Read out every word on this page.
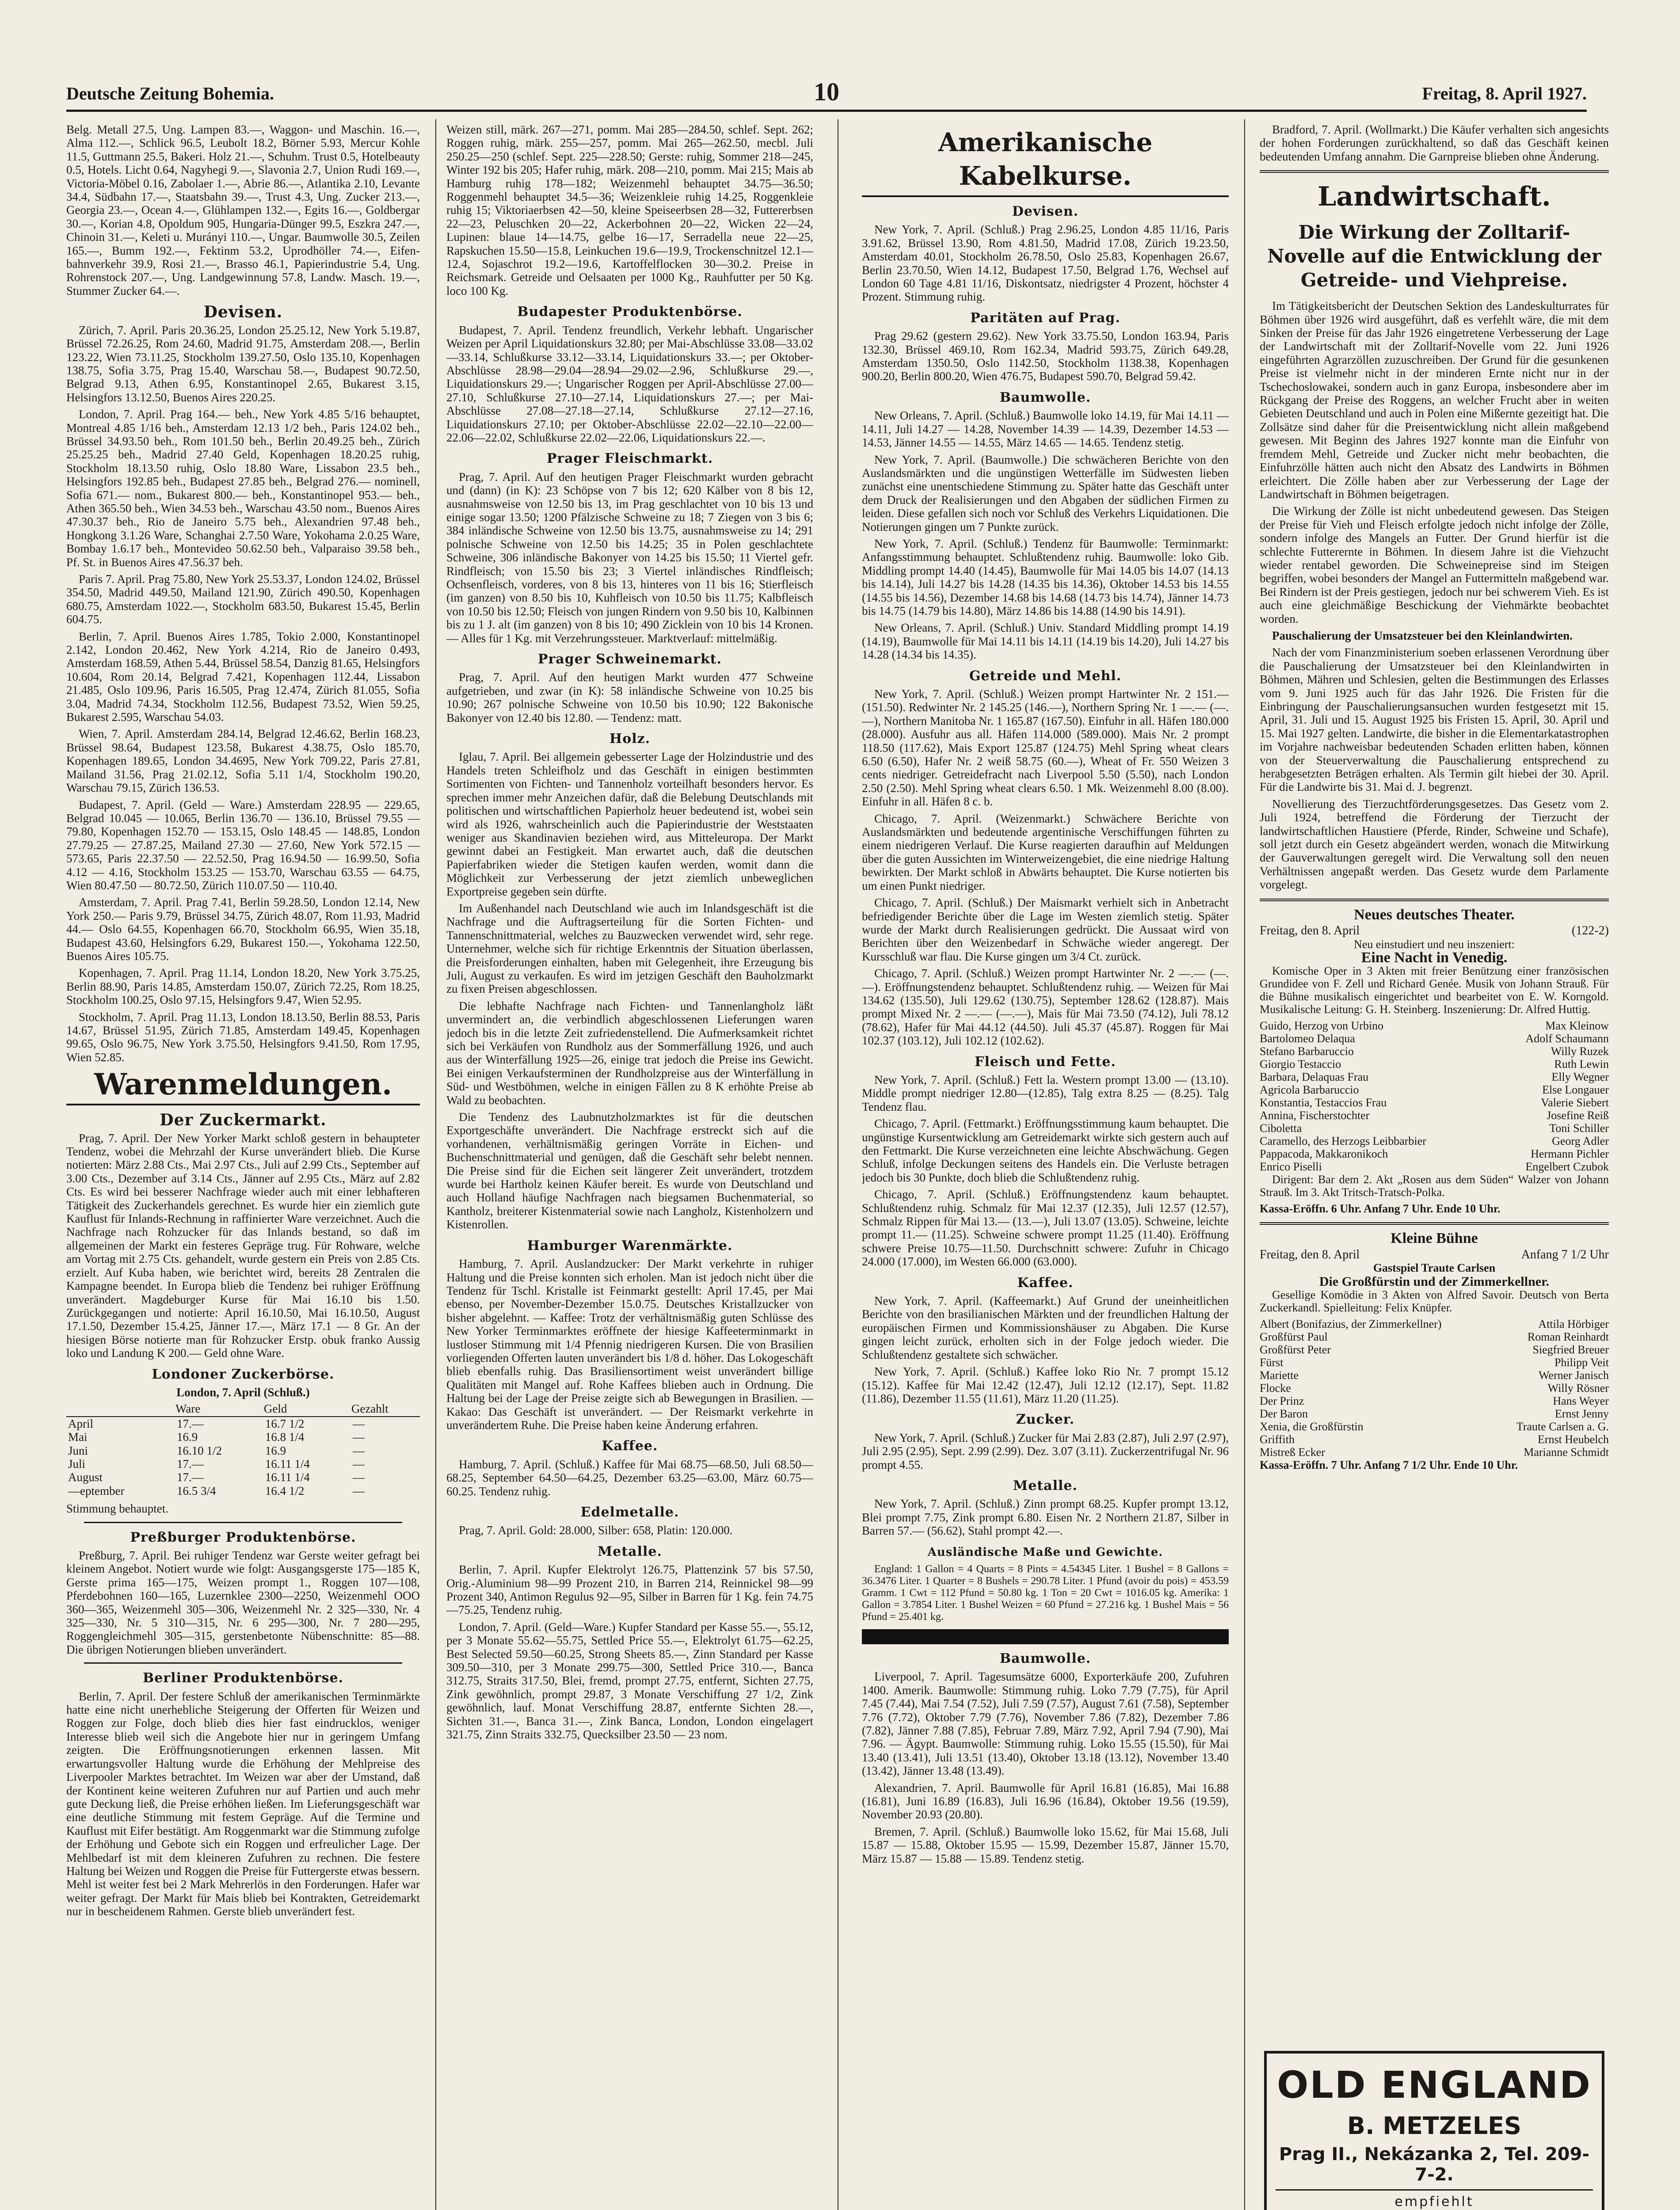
Deutsche Zeitung Bohemia.	10	Freitag, 8. April 1927.

Belg. Metall 27.5, Ung. Lampen 83.—, Waggon- und Maschin. 16.—, Alma 112.—, Schlick 96.5, Leubolt 18.2, Börner 5.93, Mercur Kohle 11.5, Guttmann 25.5, Bakeri. Holz 21.—, Schuhm. Trust 0.5, Hotelbeauty 0.5, Hotels. Licht 0.64, Nagyhegi 9.—, Slavonia 2.7, Union Rudi 169.—, Victoria-Möbel 0.16, Zabolaer 1.—, Abrie 86.—, Atlantika 2.10, Levante 34.4, Südbahn 17.—, Staatsbahn 39.—, Trust 4.3, Ung. Zucker 213.—, Georgia 23.—, Ocean 4.—, Glühlampen 132.—, Egits 16.—, Goldbergar 30.—, Korian 4.8, Opoldum 905, Hungaria-Dünger 99.5, Eszkra 247.—, Chinoin 31.—, Keleti u. Murányi 110.—, Ungar. Baumwolle 30.5, Zeilen 165.—, Bumm 192.—, Fektinm 53.2, Uprodhöller 74.—, Eifen-bahnverkehr 39.9, Rosi 21.—, Brasso 46.1, Papierindustrie 5.4, Ung. Rohrenstock 207.—, Ung. Landgewinnung 57.8, Landw. Masch. 19.—, Stummer Zucker 64.—.

Devisen.

Zürich, 7. April. Paris 20.36.25, London 25.25.12, New York 5.19.87, Brüssel 72.26.25, Rom 24.60, Madrid 91.75, Amsterdam 208.—, Berlin 123.22, Wien 73.11.25, Stockholm 139.27.50, Oslo 135.10, Kopenhagen 138.75, Sofia 3.75, Prag 15.40, Warschau 58.—, Budapest 90.72.50, Belgrad 9.13, Athen 6.95, Konstantinopel 2.65, Bukarest 3.15, Helsingfors 13.12.50, Buenos Aires 220.25.

London, 7. April. Prag 164.— beh., New York 4.85 5/16 behauptet, Montreal 4.85 1/16 beh., Amsterdam 12.13 1/2 beh., Paris 124.02 beh., Brüssel 34.93.50 beh., Rom 101.50 beh., Berlin 20.49.25 beh., Zürich 25.25.25 beh., Madrid 27.40 Geld, Kopenhagen 18.20.25 ruhig, Stockholm 18.13.50 ruhig, Oslo 18.80 Ware, Lissabon 23.5 beh., Helsingfors 192.85 beh., Budapest 27.85 beh., Belgrad 276.— nominell, Sofia 671.— nom., Bukarest 800.— beh., Konstantinopel 953.— beh., Athen 365.50 beh., Wien 34.53 beh., Warschau 43.50 nom., Buenos Aires 47.30.37 beh., Rio de Janeiro 5.75 beh., Alexandrien 97.48 beh., Hongkong 3.1.26 Ware, Schanghai 2.7.50 Ware, Yokohama 2.0.25 Ware, Bombay 1.6.17 beh., Montevideo 50.62.50 beh., Valparaiso 39.58 beh., Pf. St. in Buenos Aires 47.56.37 beh.

Paris 7. April. Prag 75.80, New York 25.53.37, London 124.02, Brüssel 354.50, Madrid 449.50, Mailand 121.90, Zürich 490.50, Kopenhagen 680.75, Amsterdam 1022.—, Stockholm 683.50, Bukarest 15.45, Berlin 604.75.

Berlin, 7. April. Buenos Aires 1.785, Tokio 2.000, Konstantinopel 2.142, London 20.462, New York 4.214, Rio de Janeiro 0.493, Amsterdam 168.59, Athen 5.44, Brüssel 58.54, Danzig 81.65, Helsingfors 10.604, Rom 20.14, Belgrad 7.421, Kopenhagen 112.44, Lissabon 21.485, Oslo 109.96, Paris 16.505, Prag 12.474, Zürich 81.055, Sofia 3.04, Madrid 74.34, Stockholm 112.56, Budapest 73.52, Wien 59.25, Bukarest 2.595, Warschau 54.03.

Wien, 7. April. Amsterdam 284.14, Belgrad 12.46.62, Berlin 168.23, Brüssel 98.64, Budapest 123.58, Bukarest 4.38.75, Oslo 185.70, Kopenhagen 189.65, London 34.4695, New York 709.22, Paris 27.81, Mailand 31.56, Prag 21.02.12, Sofia 5.11 1/4, Stockholm 190.20, Warschau 79.15, Zürich 136.53.

Budapest, 7. April. (Geld — Ware.) Amsterdam 228.95 — 229.65, Belgrad 10.045 — 10.065, Berlin 136.70 — 136.10, Brüssel 79.55 — 79.80, Kopenhagen 152.70 — 153.15, Oslo 148.45 — 148.85, London 27.79.25 — 27.87.25, Mailand 27.30 — 27.60, New York 572.15 — 573.65, Paris 22.37.50 — 22.52.50, Prag 16.94.50 — 16.99.50, Sofia 4.12 — 4.16, Stockholm 153.25 — 153.70, Warschau 63.55 — 64.75, Wien 80.47.50 — 80.72.50, Zürich 110.07.50 — 110.40.

Amsterdam, 7. April. Prag 7.41, Berlin 59.28.50, London 12.14, New York 250.— Paris 9.79, Brüssel 34.75, Zürich 48.07, Rom 11.93, Madrid 44.— Oslo 64.55, Kopenhagen 66.70, Stockholm 66.95, Wien 35.18, Budapest 43.60, Helsingfors 6.29, Bukarest 150.—, Yokohama 122.50, Buenos Aires 105.75.

Kopenhagen, 7. April. Prag 11.14, London 18.20, New York 3.75.25, Berlin 88.90, Paris 14.85, Amsterdam 150.07, Zürich 72.25, Rom 18.25, Stockholm 100.25, Oslo 97.15, Helsingfors 9.47, Wien 52.95.

Stockholm, 7. April. Prag 11.13, London 18.13.50, Berlin 88.53, Paris 14.67, Brüssel 51.95, Zürich 71.85, Amsterdam 149.45, Kopenhagen 99.65, Oslo 96.75, New York 3.75.50, Helsingfors 9.41.50, Rom 17.95, Wien 52.85.

Warenmeldungen.
Der Zuckermarkt.

Prag, 7. April. Der New Yorker Markt schloß gestern in behaupteter Tendenz, wobei die Mehrzahl der Kurse unverändert blieb. Die Kurse notierten: März 2.88 Cts., Mai 2.97 Cts., Juli auf 2.99 Cts., September auf 3.00 Cts., Dezember auf 3.14 Cts., Jänner auf 2.95 Cts., März auf 2.82 Cts. Es wird bei besserer Nachfrage wieder auch mit einer lebhafteren Tätigkeit des Zuckerhandels gerechnet. Es wurde hier ein ziemlich gute Kauflust für Inlands-Rechnung in raffinierter Ware verzeichnet. Auch die Nachfrage nach Rohzucker für das Inlands bestand, so daß im allgemeinen der Markt ein festeres Gepräge trug. Für Rohware, welche am Vortag mit 2.75 Cts. gehandelt, wurde gestern ein Preis von 2.85 Cts. erzielt. Auf Kuba haben, wie berichtet wird, bereits 28 Zentralen die Kampagne beendet. In Europa blieb die Tendenz bei ruhiger Eröffnung unverändert. Magdeburger Kurse für Mai 16.10 bis 1.50. Zurückgegangen und notierte: April 16.10.50, Mai 16.10.50, August 17.1.50, Dezember 15.4.25, Jänner 17.—, März 17.1 — 8 Gr. An der hiesigen Börse notierte man für Rohzucker Erstp. obuk franko Aussig loko und Landung K 200.— Geld ohne Ware.

Londoner Zuckerbörse.
London, 7. April (Schluß.)
	Ware	Geld	Gezahlt
April	17.—	16.7 1/2	—
Mai	16.9	16.8 1/4	—
Juni	16.10 1/2	16.9	—
Juli	17.—	16.11 1/4	—
August	17.—	16.11 1/4	—
—eptember	16.5 3/4	16.4 1/2	—

Stimmung behauptet.

Preßburger Produktenbörse.

Preßburg, 7. April. Bei ruhiger Tendenz war Gerste weiter gefragt bei kleinem Angebot. Notiert wurde wie folgt: Ausgangsgerste 175—185 K, Gerste prima 165—175, Weizen prompt 1., Roggen 107—108, Pferdebohnen 160—165, Luzernklee 2300—2250, Weizenmehl OOO 360—365, Weizenmehl 305—306, Weizenmehl Nr. 2 325—330, Nr. 4 325—330, Nr. 5 310—315, Nr. 6 295—300, Nr. 7 280—295, Roggengleichmehl 305—315, gerstenbetonte Nübenschnitte: 85—88. Die übrigen Notierungen blieben unverändert.

Berliner Produktenbörse.

Berlin, 7. April. Der festere Schluß der amerikanischen Terminmärkte hatte eine nicht unerhebliche Steigerung der Offerten für Weizen und Roggen zur Folge, doch blieb dies hier fast eindrucklos, weniger Interesse blieb weil sich die Angebote hier nur in geringem Umfang zeigten. Die Eröffnungsnotierungen erkennen lassen. Mit erwartungsvoller Haltung wurde die Erhöhung der Mehlpreise des Liverpooler Marktes betrachtet. Im Weizen war aber der Umstand, daß der Kontinent keine weiteren Zufuhren nur auf Partien und auch mehr gute Deckung ließ, die Preise erhöhen ließen. Im Lieferungsgeschäft war eine deutliche Stimmung mit festem Gepräge. Auf die Termine und Kauflust mit Eifer bestätigt. Am Roggenmarkt war die Stimmung zufolge der Erhöhung und Gebote sich ein Roggen und erfreulicher Lage. Der Mehlbedarf ist mit dem kleineren Zufuhren zu rechnen. Die festere Haltung bei Weizen und Roggen die Preise für Futtergerste etwas bessern. Mehl ist weiter fest bei 2 Mark Mehrerlös in den Forderungen. Hafer war weiter gefragt. Der Markt für Mais blieb bei Kontrakten, Getreidemarkt nur in bescheidenem Rahmen. Gerste blieb unverändert fest.

Weizen still, märk. 267—271, pomm. Mai 285—284.50, schlef. Sept. 262; Roggen ruhig, märk. 255—257, pomm. Mai 265—262.50, mecbl. Juli 250.25—250 (schlef. Sept. 225—228.50; Gerste: ruhig, Sommer 218—245, Winter 192 bis 205; Hafer ruhig, märk. 208—210, pomm. Mai 215; Mais ab Hamburg ruhig 178—182; Weizenmehl behauptet 34.75—36.50; Roggenmehl behauptet 34.5—36; Weizenkleie ruhig 14.25, Roggenkleie ruhig 15; Viktoriaerbsen 42—50, kleine Speiseerbsen 28—32, Futtererbsen 22—23, Peluschken 20—22, Ackerbohnen 20—22, Wicken 22—24, Lupinen: blaue 14—14.75, gelbe 16—17, Serradella neue 22—25, Rapskuchen 15.50—15.8, Leinkuchen 19.6—19.9, Trockenschnitzel 12.1—12.4, Sojaschrot 19.2—19.6, Kartoffelflocken 30—30.2. Preise in Reichsmark. Getreide und Oelsaaten per 1000 Kg., Rauhfutter per 50 Kg. loco 100 Kg.

Budapester Produktenbörse.

Budapest, 7. April. Tendenz freundlich, Verkehr lebhaft. Ungarischer Weizen per April Liquidationskurs 32.80; per Mai-Abschlüsse 33.08—33.02—33.14, Schlußkurse 33.12—33.14, Liquidationskurs 33.—; per Oktober-Abschlüsse 28.98—29.04—28.94—29.02—2.96, Schlußkurse 29.—, Liquidationskurs 29.—; Ungarischer Roggen per April-Abschlüsse 27.00—27.10, Schlußkurse 27.10—27.14, Liquidationskurs 27.—; per Mai-Abschlüsse 27.08—27.18—27.14, Schlußkurse 27.12—27.16, Liquidationskurs 27.10; per Oktober-Abschlüsse 22.02—22.10—22.00—22.06—22.02, Schlußkurse 22.02—22.06, Liquidationskurs 22.—.

Prager Fleischmarkt.

Prag, 7. April. Auf den heutigen Prager Fleischmarkt wurden gebracht und (dann) (in K): 23 Schöpse von 7 bis 12; 620 Kälber von 8 bis 12, ausnahmsweise von 12.50 bis 13, im Prag geschlachtet von 10 bis 13 und einige sogar 13.50; 1200 Pfälzische Schweine zu 18; 7 Ziegen von 3 bis 6; 384 inländische Schweine von 12.50 bis 13.75, ausnahmsweise zu 14; 291 polnische Schweine von 12.50 bis 14.25; 35 in Polen geschlachtete Schweine, 306 inländische Bakonyer von 14.25 bis 15.50; 11 Viertel gefr. Rindfleisch; von 15.50 bis 23; 3 Viertel inländisches Rindfleisch; Ochsenfleisch, vorderes, von 8 bis 13, hinteres von 11 bis 16; Stierfleisch (im ganzen) von 8.50 bis 10, Kuhfleisch von 10.50 bis 11.75; Kalbfleisch von 10.50 bis 12.50; Fleisch von jungen Rindern von 9.50 bis 10, Kalbinnen bis zu 1 J. alt (im ganzen) von 8 bis 10; 490 Zicklein von 10 bis 14 Kronen. — Alles für 1 Kg. mit Verzehrungssteuer. Marktverlauf: mittelmäßig.

Prager Schweinemarkt.

Prag, 7. April. Auf den heutigen Markt wurden 477 Schweine aufgetrieben, und zwar (in K): 58 inländische Schweine von 10.25 bis 10.90; 267 polnische Schweine von 10.50 bis 10.90; 122 Bakonische Bakonyer von 12.40 bis 12.80. — Tendenz: matt.

Holz.

Iglau, 7. April. Bei allgemein gebesserter Lage der Holzindustrie und des Handels treten Schleifholz und das Geschäft in einigen bestimmten Sortimenten von Fichten- und Tannenholz vorteilhaft besonders hervor. Es sprechen immer mehr Anzeichen dafür, daß die Belebung Deutschlands mit politischen und wirtschaftlichen Papierholz heuer bedeutend ist, wobei sein wird als 1926, wahrscheinlich auch die Papierindustrie der Weststaaten weniger aus Skandinavien beziehen wird, aus Mitteleuropa. Der Markt gewinnt dabei an Festigkeit. Man erwartet auch, daß die deutschen Papierfabriken wieder die Stetigen kaufen werden, womit dann die Möglichkeit zur Verbesserung der jetzt ziemlich unbeweglichen Exportpreise gegeben sein dürfte.

Im Außenhandel nach Deutschland wie auch im Inlandsgeschäft ist die Nachfrage und die Auftragserteilung für die Sorten Fichten- und Tannenschnittmaterial, welches zu Bauzwecken verwendet wird, sehr rege. Unternehmer, welche sich für richtige Erkenntnis der Situation überlassen, die Preisforderungen einhalten, haben mit Gelegenheit, ihre Erzeugung bis Juli, August zu verkaufen. Es wird im jetzigen Geschäft den Bauholzmarkt zu fixen Preisen abgeschlossen.

Die lebhafte Nachfrage nach Fichten- und Tannenlangholz läßt unvermindert an, die verbindlich abgeschlossenen Lieferungen waren jedoch bis in die letzte Zeit zufriedenstellend. Die Aufmerksamkeit richtet sich bei Verkäufen von Rundholz aus der Sommerfällung 1926, und auch aus der Winterfällung 1925—26, einige trat jedoch die Preise ins Gewicht. Bei einigen Verkaufsterminen der Rundholzpreise aus der Winterfällung in Süd- und Westböhmen, welche in einigen Fällen zu 8 K erhöhte Preise ab Wald zu beobachten.

Die Tendenz des Laubnutzholzmarktes ist für die deutschen Exportgeschäfte unverändert. Die Nachfrage erstreckt sich auf die vorhandenen, verhältnismäßig geringen Vorräte in Eichen- und Buchenschnittmaterial und genügen, daß die Geschäft sehr belebt nennen. Die Preise sind für die Eichen seit längerer Zeit unverändert, trotzdem wurde bei Hartholz keinen Käufer bereit. Es wurde von Deutschland und auch Holland häufige Nachfragen nach biegsamen Buchenmaterial, so Kantholz, breiterer Kistenmaterial sowie nach Langholz, Kistenholzern und Kistenrollen.

Hamburger Warenmärkte.

Hamburg, 7. April. Auslandzucker: Der Markt verkehrte in ruhiger Haltung und die Preise konnten sich erholen. Man ist jedoch nicht über die Tendenz für Tschl. Kristalle ist Feinmarkt gestellt: April 17.45, per Mai ebenso, per November-Dezember 15.0.75. Deutsches Kristallzucker von bisher abgelehnt. — Kaffee: Trotz der verhältnismäßig guten Schlüsse des New Yorker Terminmarktes eröffnete der hiesige Kaffeeterminmarkt in lustloser Stimmung mit 1/4 Pfennig niedrigeren Kursen. Die von Brasilien vorliegenden Offerten lauten unverändert bis 1/8 d. höher. Das Lokogeschäft blieb ebenfalls ruhig. Das Brasiliensortiment weist unverändert billige Qualitäten mit Mangel auf. Rohe Kaffees blieben auch in Ordnung. Die Haltung bei der Lage der Preise zeigte sich ab Bewegungen in Brasilien. — Kakao: Das Geschäft ist unverändert. — Der Reismarkt verkehrte in unverändertem Ruhe. Die Preise haben keine Änderung erfahren.

Kaffee.

Hamburg, 7. April. (Schluß.) Kaffee für Mai 68.75—68.50, Juli 68.50—68.25, September 64.50—64.25, Dezember 63.25—63.00, März 60.75—60.25. Tendenz ruhig.

Edelmetalle.

Prag, 7. April. Gold: 28.000, Silber: 658, Platin: 120.000.

Metalle.

Berlin, 7. April. Kupfer Elektrolyt 126.75, Plattenzink 57 bis 57.50, Orig.-Aluminium 98—99 Prozent 210, in Barren 214, Reinnickel 98—99 Prozent 340, Antimon Regulus 92—95, Silber in Barren für 1 Kg. fein 74.75—75.25, Tendenz ruhig.

London, 7. April. (Geld—Ware.) Kupfer Standard per Kasse 55.—, 55.12, per 3 Monate 55.62—55.75, Settled Price 55.—, Elektrolyt 61.75—62.25, Best Selected 59.50—60.25, Strong Sheets 85.—, Zinn Standard per Kasse 309.50—310, per 3 Monate 299.75—300, Settled Price 310.—, Banca 312.75, Straits 317.50, Blei, fremd, prompt 27.75, entfernt, Sichten 27.75, Zink gewöhnlich, prompt 29.87, 3 Monate Verschiffung 27 1/2, Zink gewöhnlich, lauf. Monat Verschiffung 28.87, entfernte Sichten 28.—, Sichten 31.—, Banca 31.—, Zink Banca, London, London eingelagert 321.75, Zinn Straits 332.75, Quecksilber 23.50 — 23 nom.

Amerikanische Kabelkurse.
Devisen.

New York, 7. April. (Schluß.) Prag 2.96.25, London 4.85 11/16, Paris 3.91.62, Brüssel 13.90, Rom 4.81.50, Madrid 17.08, Zürich 19.23.50, Amsterdam 40.01, Stockholm 26.78.50, Oslo 25.83, Kopenhagen 26.67, Berlin 23.70.50, Wien 14.12, Budapest 17.50, Belgrad 1.76, Wechsel auf London 60 Tage 4.81 11/16, Diskontsatz, niedrigster 4 Prozent, höchster 4 Prozent. Stimmung ruhig.

Paritäten auf Prag.

Prag 29.62 (gestern 29.62). New York 33.75.50, London 163.94, Paris 132.30, Brüssel 469.10, Rom 162.34, Madrid 593.75, Zürich 649.28, Amsterdam 1350.50, Oslo 1142.50, Stockholm 1138.38, Kopenhagen 900.20, Berlin 800.20, Wien 476.75, Budapest 590.70, Belgrad 59.42.

Baumwolle.

New Orleans, 7. April. (Schluß.) Baumwolle loko 14.19, für Mai 14.11 — 14.11, Juli 14.27 — 14.28, November 14.39 — 14.39, Dezember 14.53 — 14.53, Jänner 14.55 — 14.55, März 14.65 — 14.65. Tendenz stetig.

New York, 7. April. (Baumwolle.) Die schwächeren Berichte von den Auslandsmärkten und die ungünstigen Wetterfälle im Südwesten lieben zunächst eine unentschiedene Stimmung zu. Später hatte das Geschäft unter dem Druck der Realisierungen und den Abgaben der südlichen Firmen zu leiden. Diese gefallen sich noch vor Schluß des Verkehrs Liquidationen. Die Notierungen gingen um 7 Punkte zurück.

New York, 7. April. (Schluß.) Tendenz für Baumwolle: Terminmarkt: Anfangsstimmung behauptet. Schlußtendenz ruhig. Baumwolle: loko Gib. Middling prompt 14.40 (14.45), Baumwolle für Mai 14.05 bis 14.07 (14.13 bis 14.14), Juli 14.27 bis 14.28 (14.35 bis 14.36), Oktober 14.53 bis 14.55 (14.55 bis 14.56), Dezember 14.68 bis 14.68 (14.73 bis 14.74), Jänner 14.73 bis 14.75 (14.79 bis 14.80), März 14.86 bis 14.88 (14.90 bis 14.91).

New Orleans, 7. April. (Schluß.) Univ. Standard Middling prompt 14.19 (14.19), Baumwolle für Mai 14.11 bis 14.11 (14.19 bis 14.20), Juli 14.27 bis 14.28 (14.34 bis 14.35).

Getreide und Mehl.

New York, 7. April. (Schluß.) Weizen prompt Hartwinter Nr. 2 151.— (151.50). Redwinter Nr. 2 145.25 (146.—), Northern Spring Nr. 1 —.— (—.—), Northern Manitoba Nr. 1 165.87 (167.50). Einfuhr in all. Häfen 180.000 (28.000). Ausfuhr aus all. Häfen 114.000 (589.000). Mais Nr. 2 prompt 118.50 (117.62), Mais Export 125.87 (124.75) Mehl Spring wheat clears 6.50 (6.50), Hafer Nr. 2 weiß 58.75 (60.—), Wheat of Fr. 550 Weizen 3 cents niedriger. Getreidefracht nach Liverpool 5.50 (5.50), nach London 2.50 (2.50). Mehl Spring wheat clears 6.50. 1 Mk. Weizenmehl 8.00 (8.00). Einfuhr in all. Häfen 8 c. b.

Chicago, 7. April. (Weizenmarkt.) Schwächere Berichte von Auslandsmärkten und bedeutende argentinische Verschiffungen führten zu einem niedrigeren Verlauf. Die Kurse reagierten daraufhin auf Meldungen über die guten Aussichten im Winterweizengebiet, die eine niedrige Haltung bewirkten. Der Markt schloß in Abwärts behauptet. Die Kurse notierten bis um einen Punkt niedriger.

Chicago, 7. April. (Schluß.) Der Maismarkt verhielt sich in Anbetracht befriedigender Berichte über die Lage im Westen ziemlich stetig. Später wurde der Markt durch Realisierungen gedrückt. Die Aussaat wird von Berichten über den Weizenbedarf in Schwäche wieder angeregt. Der Kursschluß war flau. Die Kurse gingen um 3/4 Ct. zurück.

Chicago, 7. April. (Schluß.) Weizen prompt Hartwinter Nr. 2 —.— (—.—). Eröffnungstendenz behauptet. Schlußtendenz ruhig. — Weizen für Mai 134.62 (135.50), Juli 129.62 (130.75), September 128.62 (128.87). Mais prompt Mixed Nr. 2 —.— (—.—), Mais für Mai 73.50 (74.12), Juli 78.12 (78.62), Hafer für Mai 44.12 (44.50). Juli 45.37 (45.87). Roggen für Mai 102.37 (103.12), Juli 102.12 (102.62).

Fleisch und Fette.

New York, 7. April. (Schluß.) Fett la. Western prompt 13.00 — (13.10). Middle prompt niedriger 12.80—(12.85), Talg extra 8.25 — (8.25). Talg Tendenz flau.

Chicago, 7. April. (Fettmarkt.) Eröffnungsstimmung kaum behauptet. Die ungünstige Kursentwicklung am Getreidemarkt wirkte sich gestern auch auf den Fettmarkt. Die Kurse verzeichneten eine leichte Abschwächung. Gegen Schluß, infolge Deckungen seitens des Handels ein. Die Verluste betragen jedoch bis 30 Punkte, doch blieb die Schlußtendenz ruhig.

Chicago, 7. April. (Schluß.) Eröffnungstendenz kaum behauptet. Schlußtendenz ruhig. Schmalz für Mai 12.37 (12.35), Juli 12.57 (12.57), Schmalz Rippen für Mai 13.— (13.—), Juli 13.07 (13.05). Schweine, leichte prompt 11.— (11.25). Schweine schwere prompt 11.25 (11.40). Eröffnung schwere Preise 10.75—11.50. Durchschnitt schwere: Zufuhr in Chicago 24.000 (17.000), im Westen 66.000 (63.000).

Kaffee.

New York, 7. April. (Kaffeemarkt.) Auf Grund der uneinheitlichen Berichte von den brasilianischen Märkten und der freundlichen Haltung der europäischen Firmen und Kommissionshäuser zu Abgaben. Die Kurse gingen leicht zurück, erholten sich in der Folge jedoch wieder. Die Schlußtendenz gestaltete sich schwächer.

New York, 7. April. (Schluß.) Kaffee loko Rio Nr. 7 prompt 15.12 (15.12). Kaffee für Mai 12.42 (12.47), Juli 12.12 (12.17), Sept. 11.82 (11.86), Dezember 11.55 (11.61), März 11.20 (11.25).

Zucker.

New York, 7. April. (Schluß.) Zucker für Mai 2.83 (2.87), Juli 2.97 (2.97), Juli 2.95 (2.95), Sept. 2.99 (2.99). Dez. 3.07 (3.11). Zuckerzentrifugal Nr. 96 prompt 4.55.

Metalle.

New York, 7. April. (Schluß.) Zinn prompt 68.25. Kupfer prompt 13.12, Blei prompt 7.75, Zink prompt 6.80. Eisen Nr. 2 Northern 21.87, Silber in Barren 57.— (56.62), Stahl prompt 42.—.

Ausländische Maße und Gewichte.

England: 1 Gallon = 4 Quarts = 8 Pints = 4.54345 Liter. 1 Bushel = 8 Gallons = 36.3476 Liter. 1 Quarter = 8 Bushels = 290.78 Liter. 1 Pfund (avoir du pois) = 453.59 Gramm. 1 Cwt = 112 Pfund = 50.80 kg. 1 Ton = 20 Cwt = 1016.05 kg. Amerika: 1 Gallon = 3.7854 Liter. 1 Bushel Weizen = 60 Pfund = 27.216 kg. 1 Bushel Mais = 56 Pfund = 25.401 kg.

Baumwolle.

Liverpool, 7. April. Tagesumsätze 6000, Exporterkäufe 200, Zufuhren 1400. Amerik. Baumwolle: Stimmung ruhig. Loko 7.79 (7.75), für April 7.45 (7.44), Mai 7.54 (7.52), Juli 7.59 (7.57), August 7.61 (7.58), September 7.76 (7.72), Oktober 7.79 (7.76), November 7.86 (7.82), Dezember 7.86 (7.82), Jänner 7.88 (7.85), Februar 7.89, März 7.92, April 7.94 (7.90), Mai 7.96. — Ägypt. Baumwolle: Stimmung ruhig. Loko 15.55 (15.50), für Mai 13.40 (13.41), Juli 13.51 (13.40), Oktober 13.18 (13.12), November 13.40 (13.42), Jänner 13.48 (13.49).

Alexandrien, 7. April. Baumwolle für April 16.81 (16.85), Mai 16.88 (16.81), Juni 16.89 (16.83), Juli 16.96 (16.84), Oktober 19.56 (19.59), November 20.93 (20.80).

Bremen, 7. April. (Schluß.) Baumwolle loko 15.62, für Mai 15.68, Juli 15.87 — 15.88, Oktober 15.95 — 15.99, Dezember 15.87, Jänner 15.70, März 15.87 — 15.88 — 15.89. Tendenz stetig.

Bradford, 7. April. (Wollmarkt.) Die Käufer verhalten sich angesichts der hohen Forderungen zurückhaltend, so daß das Geschäft keinen bedeutenden Umfang annahm. Die Garnpreise blieben ohne Änderung.

Landwirtschaft.
Die Wirkung der Zolltarif-Novelle auf die Entwicklung der Getreide- und Viehpreise.

Im Tätigkeitsbericht der Deutschen Sektion des Landeskulturrates für Böhmen über 1926 wird ausgeführt, daß es verfehlt wäre, die mit dem Sinken der Preise für das Jahr 1926 eingetretene Verbesserung der Lage der Landwirtschaft mit der Zolltarif-Novelle vom 22. Juni 1926 eingeführten Agrarzöllen zuzuschreiben. Der Grund für die gesunkenen Preise ist vielmehr nicht in der minderen Ernte nicht nur in der Tschechoslowakei, sondern auch in ganz Europa, insbesondere aber im Rückgang der Preise des Roggens, an welcher Frucht aber in weiten Gebieten Deutschland und auch in Polen eine Mißernte gezeitigt hat. Die Zollsätze sind daher für die Preisentwicklung nicht allein maßgebend gewesen. Mit Beginn des Jahres 1927 konnte man die Einfuhr von fremdem Mehl, Getreide und Zucker nicht mehr beobachten, die Einfuhrzölle hätten auch nicht den Absatz des Landwirts in Böhmen erleichtert. Die Zölle haben aber zur Verbesserung der Lage der Landwirtschaft in Böhmen beigetragen.

Die Wirkung der Zölle ist nicht unbedeutend gewesen. Das Steigen der Preise für Vieh und Fleisch erfolgte jedoch nicht infolge der Zölle, sondern infolge des Mangels an Futter. Der Grund hierfür ist die schlechte Futterernte in Böhmen. In diesem Jahre ist die Viehzucht wieder rentabel geworden. Die Schweinepreise sind im Steigen begriffen, wobei besonders der Mangel an Futtermitteln maßgebend war. Bei Rindern ist der Preis gestiegen, jedoch nur bei schwerem Vieh. Es ist auch eine gleichmäßige Beschickung der Viehmärkte beobachtet worden.

Pauschalierung der Umsatzsteuer bei den Kleinlandwirten.

Nach der vom Finanzministerium soeben erlassenen Verordnung über die Pauschalierung der Umsatzsteuer bei den Kleinlandwirten in Böhmen, Mähren und Schlesien, gelten die Bestimmungen des Erlasses vom 9. Juni 1925 auch für das Jahr 1926. Die Fristen für die Einbringung der Pauschalierungsansuchen wurden festgesetzt mit 15. April, 31. Juli und 15. August 1925 bis Fristen 15. April, 30. April und 15. Mai 1927 gelten. Landwirte, die bisher in die Elementarkatastrophen im Vorjahre nachweisbar bedeutenden Schaden erlitten haben, können von der Steuerverwaltung die Pauschalierung entsprechend zu herabgesetzten Beträgen erhalten. Als Termin gilt hiebei der 30. April. Für die Landwirte bis 31. Mai d. J. begrenzt.

Novellierung des Tierzuchtförderungsgesetzes. Das Gesetz vom 2. Juli 1924, betreffend die Förderung der Tierzucht der landwirtschaftlichen Haustiere (Pferde, Rinder, Schweine und Schafe), soll jetzt durch ein Gesetz abgeändert werden, wonach die Mitwirkung der Gauverwaltungen geregelt wird. Die Verwaltung soll den neuen Verhältnissen angepaßt werden. Das Gesetz wurde dem Parlamente vorgelegt.

Neues deutsches Theater.
Freitag, den 8. April	(122-2)
Neu einstudiert und neu inszeniert:
Eine Nacht in Venedig.

Komische Oper in 3 Akten mit freier Benützung einer französischen Grundidee von F. Zell und Richard Genée. Musik von Johann Strauß. Für die Bühne musikalisch eingerichtet und bearbeitet von E. W. Korngold. Musikalische Leitung: G. H. Steinberg. Inszenierung: Dr. Alfred Huttig.

Guido, Herzog von Urbino	Max Kleinow
Bartolomeo Delaqua	Adolf Schaumann
Stefano Barbaruccio	Willy Ruzek
Giorgio Testaccio	Ruth Lewin
Barbara, Delaquas Frau	Elly Wegner
Agricola Barbaruccio	Else Longauer
Konstantia, Testaccios Frau	Valerie Siebert
Annina, Fischerstochter	Josefine Reiß
Ciboletta	Toni Schiller
Caramello, des Herzogs Leibbarbier	Georg Adler
Pappacoda, Makkaronikoch	Hermann Pichler
Enrico Piselli	Engelbert Czubok

Dirigent: Bar dem 2. Akt „Rosen aus dem Süden“ Walzer von Johann Strauß. Im 3. Akt Tritsch-Tratsch-Polka.

Kassa-Eröffn. 6 Uhr. Anfang 7 Uhr. Ende 10 Uhr.

Kleine Bühne
Freitag, den 8. April	Anfang 7 1/2 Uhr
Gastspiel Traute Carlsen
Die Großfürstin und der Zimmerkellner.

Gesellige Komödie in 3 Akten von Alfred Savoir. Deutsch von Berta Zuckerkandl. Spielleitung: Felix Knüpfer.

Albert (Bonifazius, der Zimmerkellner)	Attila Hörbiger
Großfürst Paul	Roman Reinhardt
Großfürst Peter	Siegfried Breuer
Fürst	Philipp Veit
Mariette	Werner Janisch
Flocke	Willy Rösner
Der Prinz	Hans Weyer
Der Baron	Ernst Jenny
Xenia, die Großfürstin	Traute Carlsen a. G.
Griffith	Ernst Heubelch
Mistreß Ecker	Marianne Schmidt

Kassa-Eröffn. 7 Uhr. Anfang 7 1/2 Uhr. Ende 10 Uhr.

OLD ENGLAND
B. METZELES
Prag II., Nekázanka 2, Tel. 209-7-2.
empfiehlt
